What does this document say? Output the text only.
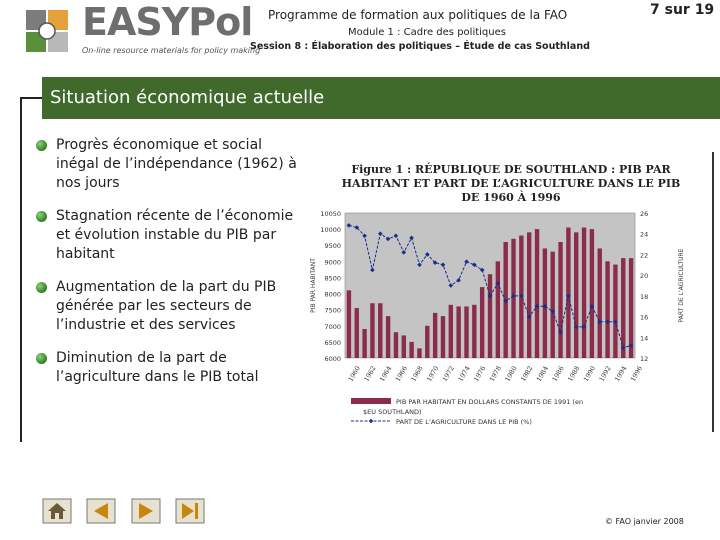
EASYPol
On-line resource materials for policy making
Programme de formation aux politiques de la FAO
Module 1 : Cadre des politiques
Session 8 : Élaboration des politiques – Étude de cas Southland
7 sur 19
Situation économique actuelle
Progrès économique et social inégal de l’indépendance (1962) à nos jours
Stagnation récente de l’économie et évolution instable du PIB par habitant
Augmentation de la part du PIB générée par les secteurs de l’industrie et des services
Diminution de la part de l’agriculture dans le PIB total
Figure 1 : RÉPUBLIQUE DE SOUTHLAND : PIB PAR HABITANT ET PART DE L’AGRICULTURE DANS LE PIB DE 1960 À 1996
10050
10000
9500
9000
8500
8000
7500
7000
6500
6000
26
24
22
20
18
16
14
12
PIB PAR HABITANT	PART DE L’AGRICULTURE
1960 1962 1964 1966 1968 1970 1972 1974 1976 1978 1980 1982 1984 1986 1988 1990 1992 1994 1996
PIB PAR HABITANT EN DOLLARS CONSTANTS DE 1991 (en
$EU SOUTHLAND)
PART DE L’AGRICULTURE DANS LE PIB (%)
© FAO janvier 2008
